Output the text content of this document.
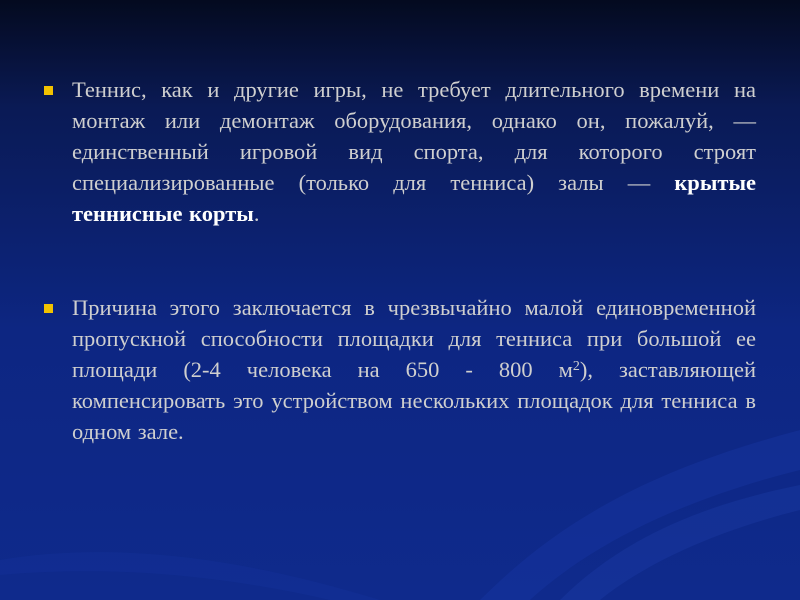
Теннис, как и другие игры, не требует длительного времени на монтаж или демонтаж оборудования, однако он, пожалуй, — единственный игровой вид спорта, для которого строят специализированные (только для тенниса) залы — крытые теннисные корты.
Причина этого заключается в чрезвычайно малой единовременной пропускной способности площадки для тенниса при большой ее площади (2-4 человека на 650 - 800 $м^2$), заставляющей компенсировать это устройством нескольких площадок для тенниса в одном зале.
